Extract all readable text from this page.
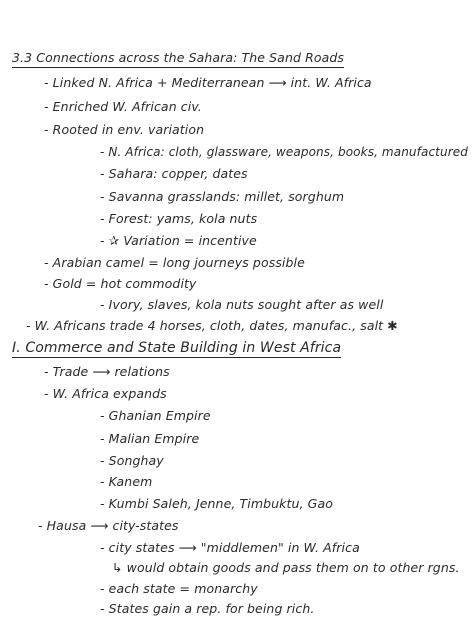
3.3 Connections across the Sahara: The Sand Roads
- Linked N. Africa + Mediterranean ⟶ int. W. Africa
- Enriched W. African civ.
- Rooted in env. variation
- N. Africa: cloth, glassware, weapons, books, manufactured
- Sahara: copper, dates
- Savanna grasslands: millet, sorghum
- Forest: yams, kola nuts
- ✰ Variation = incentive
- Arabian camel = long journeys possible
- Gold = hot commodity
- Ivory, slaves, kola nuts sought after as well
- W. Africans trade 4 horses, cloth, dates, manufac., salt ✱
I. Commerce and State Building in West Africa
- Trade ⟶ relations
- W. Africa expands
- Ghanian Empire
- Malian Empire
- Songhay
- Kanem
- Kumbi Saleh, Jenne, Timbuktu, Gao
- Hausa ⟶ city-states
- city states ⟶ "middlemen" in W. Africa
↳ would obtain goods and pass them on to other rgns.
- each state = monarchy
- States gain a rep. for being rich.
